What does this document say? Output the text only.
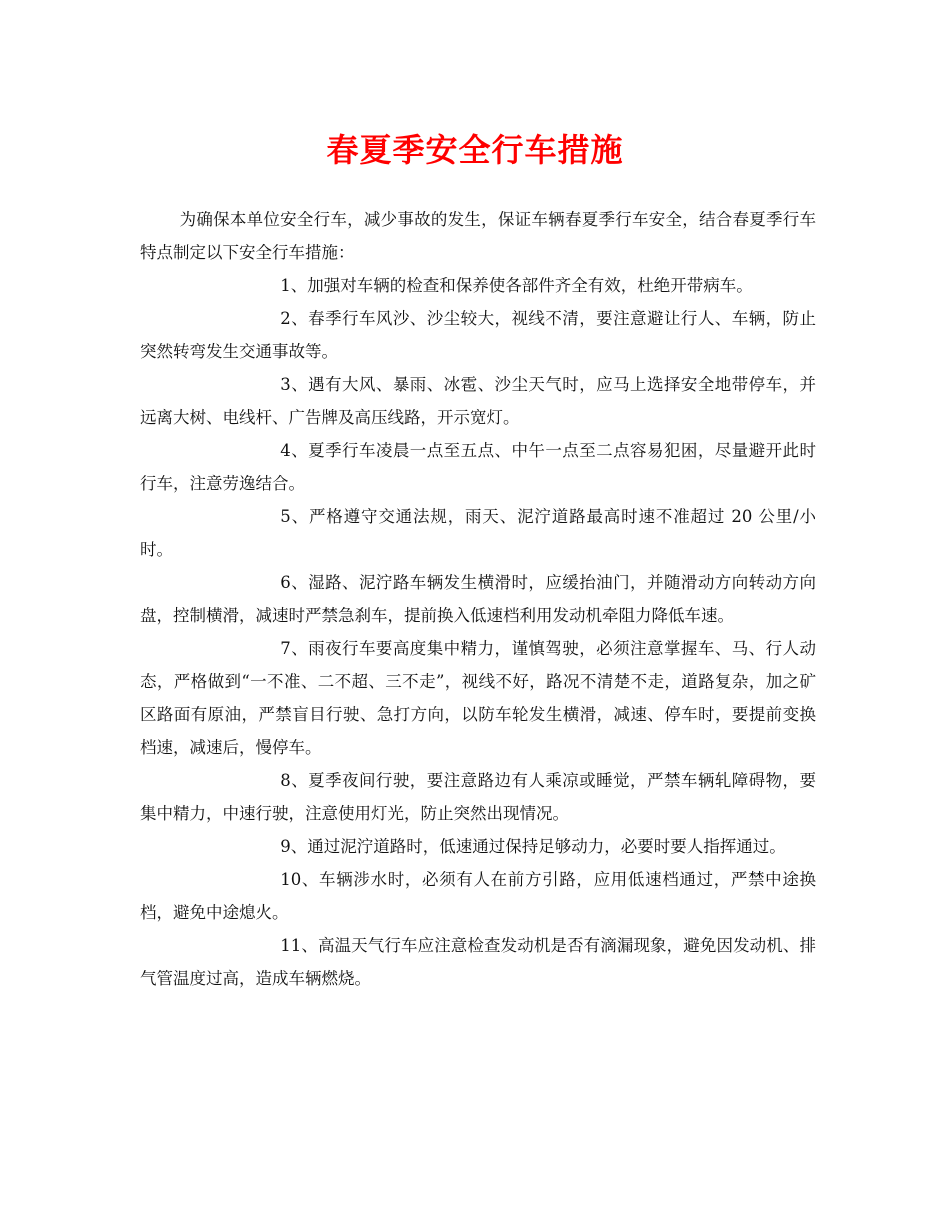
春夏季安全行车措施

为确保本单位安全行车，减少事故的发生，保证车辆春夏季行车安全，结合春夏季行车特点制定以下安全行车措施：

1、加强对车辆的检查和保养使各部件齐全有效，杜绝开带病车。

2、春季行车风沙、沙尘较大，视线不清，要注意避让行人、车辆，防止突然转弯发生交通事故等。

3、遇有大风、暴雨、冰雹、沙尘天气时，应马上选择安全地带停车，并远离大树、电线杆、广告牌及高压线路，开示宽灯。

4、夏季行车凌晨一点至五点、中午一点至二点容易犯困，尽量避开此时行车，注意劳逸结合。

5、严格遵守交通法规，雨天、泥泞道路最高时速不准超过 20 公里/小时。

6、湿路、泥泞路车辆发生横滑时，应缓抬油门，并随滑动方向转动方向盘，控制横滑，减速时严禁急刹车，提前换入低速档利用发动机牵阻力降低车速。

7、雨夜行车要高度集中精力，谨慎驾驶，必须注意掌握车、马、行人动态，严格做到“一不准、二不超、三不走”，视线不好，路况不清楚不走，道路复杂，加之矿区路面有原油，严禁盲目行驶、急打方向，以防车轮发生横滑，减速、停车时，要提前变换档速，减速后，慢停车。

8、夏季夜间行驶，要注意路边有人乘凉或睡觉，严禁车辆轧障碍物，要集中精力，中速行驶，注意使用灯光，防止突然出现情况。

9、通过泥泞道路时，低速通过保持足够动力，必要时要人指挥通过。

10、车辆涉水时，必须有人在前方引路，应用低速档通过，严禁中途换档，避免中途熄火。

11、高温天气行车应注意检查发动机是否有滴漏现象，避免因发动机、排气管温度过高，造成车辆燃烧。
